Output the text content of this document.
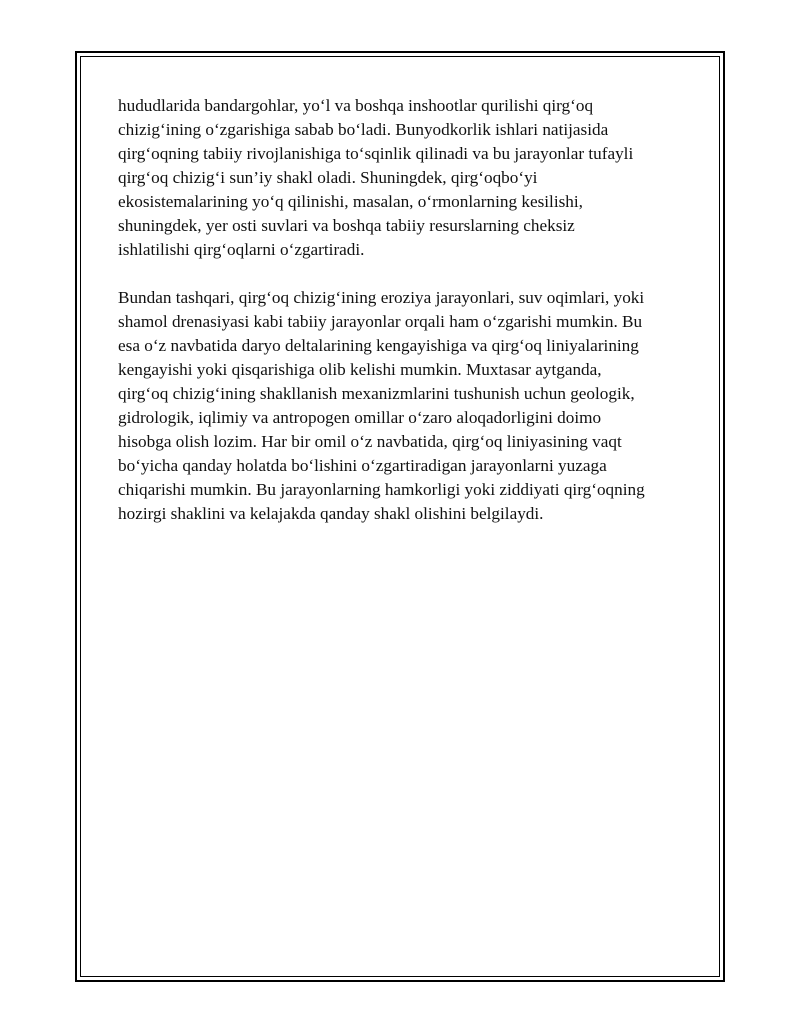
hududlarida bandargohlar, yo‘l va boshqa inshootlar qurilishi qirg‘oq
chizig‘ining o‘zgarishiga sabab bo‘ladi. Bunyodkorlik ishlari natijasida
qirg‘oqning tabiiy rivojlanishiga to‘sqinlik qilinadi va bu jarayonlar tufayli
qirg‘oq chizig‘i sun’iy shakl oladi. Shuningdek, qirg‘oqbo‘yi
ekosistemalarining yo‘q qilinishi, masalan, o‘rmonlarning kesilishi,
shuningdek, yer osti suvlari va boshqa tabiiy resurslarning cheksiz
ishlatilishi qirg‘oqlarni o‘zgartiradi.

Bundan tashqari, qirg‘oq chizig‘ining eroziya jarayonlari, suv oqimlari, yoki
shamol drenasiyasi kabi tabiiy jarayonlar orqali ham o‘zgarishi mumkin. Bu
esa o‘z navbatida daryo deltalarining kengayishiga va qirg‘oq liniyalarining
kengayishi yoki qisqarishiga olib kelishi mumkin. Muxtasar aytganda,
qirg‘oq chizig‘ining shakllanish mexanizmlarini tushunish uchun geologik,
gidrologik, iqlimiy va antropogen omillar o‘zaro aloqadorligini doimo
hisobga olish lozim. Har bir omil o‘z navbatida, qirg‘oq liniyasining vaqt
bo‘yicha qanday holatda bo‘lishini o‘zgartiradigan jarayonlarni yuzaga
chiqarishi mumkin. Bu jarayonlarning hamkorligi yoki ziddiyati qirg‘oqning
hozirgi shaklini va kelajakda qanday shakl olishini belgilaydi.
